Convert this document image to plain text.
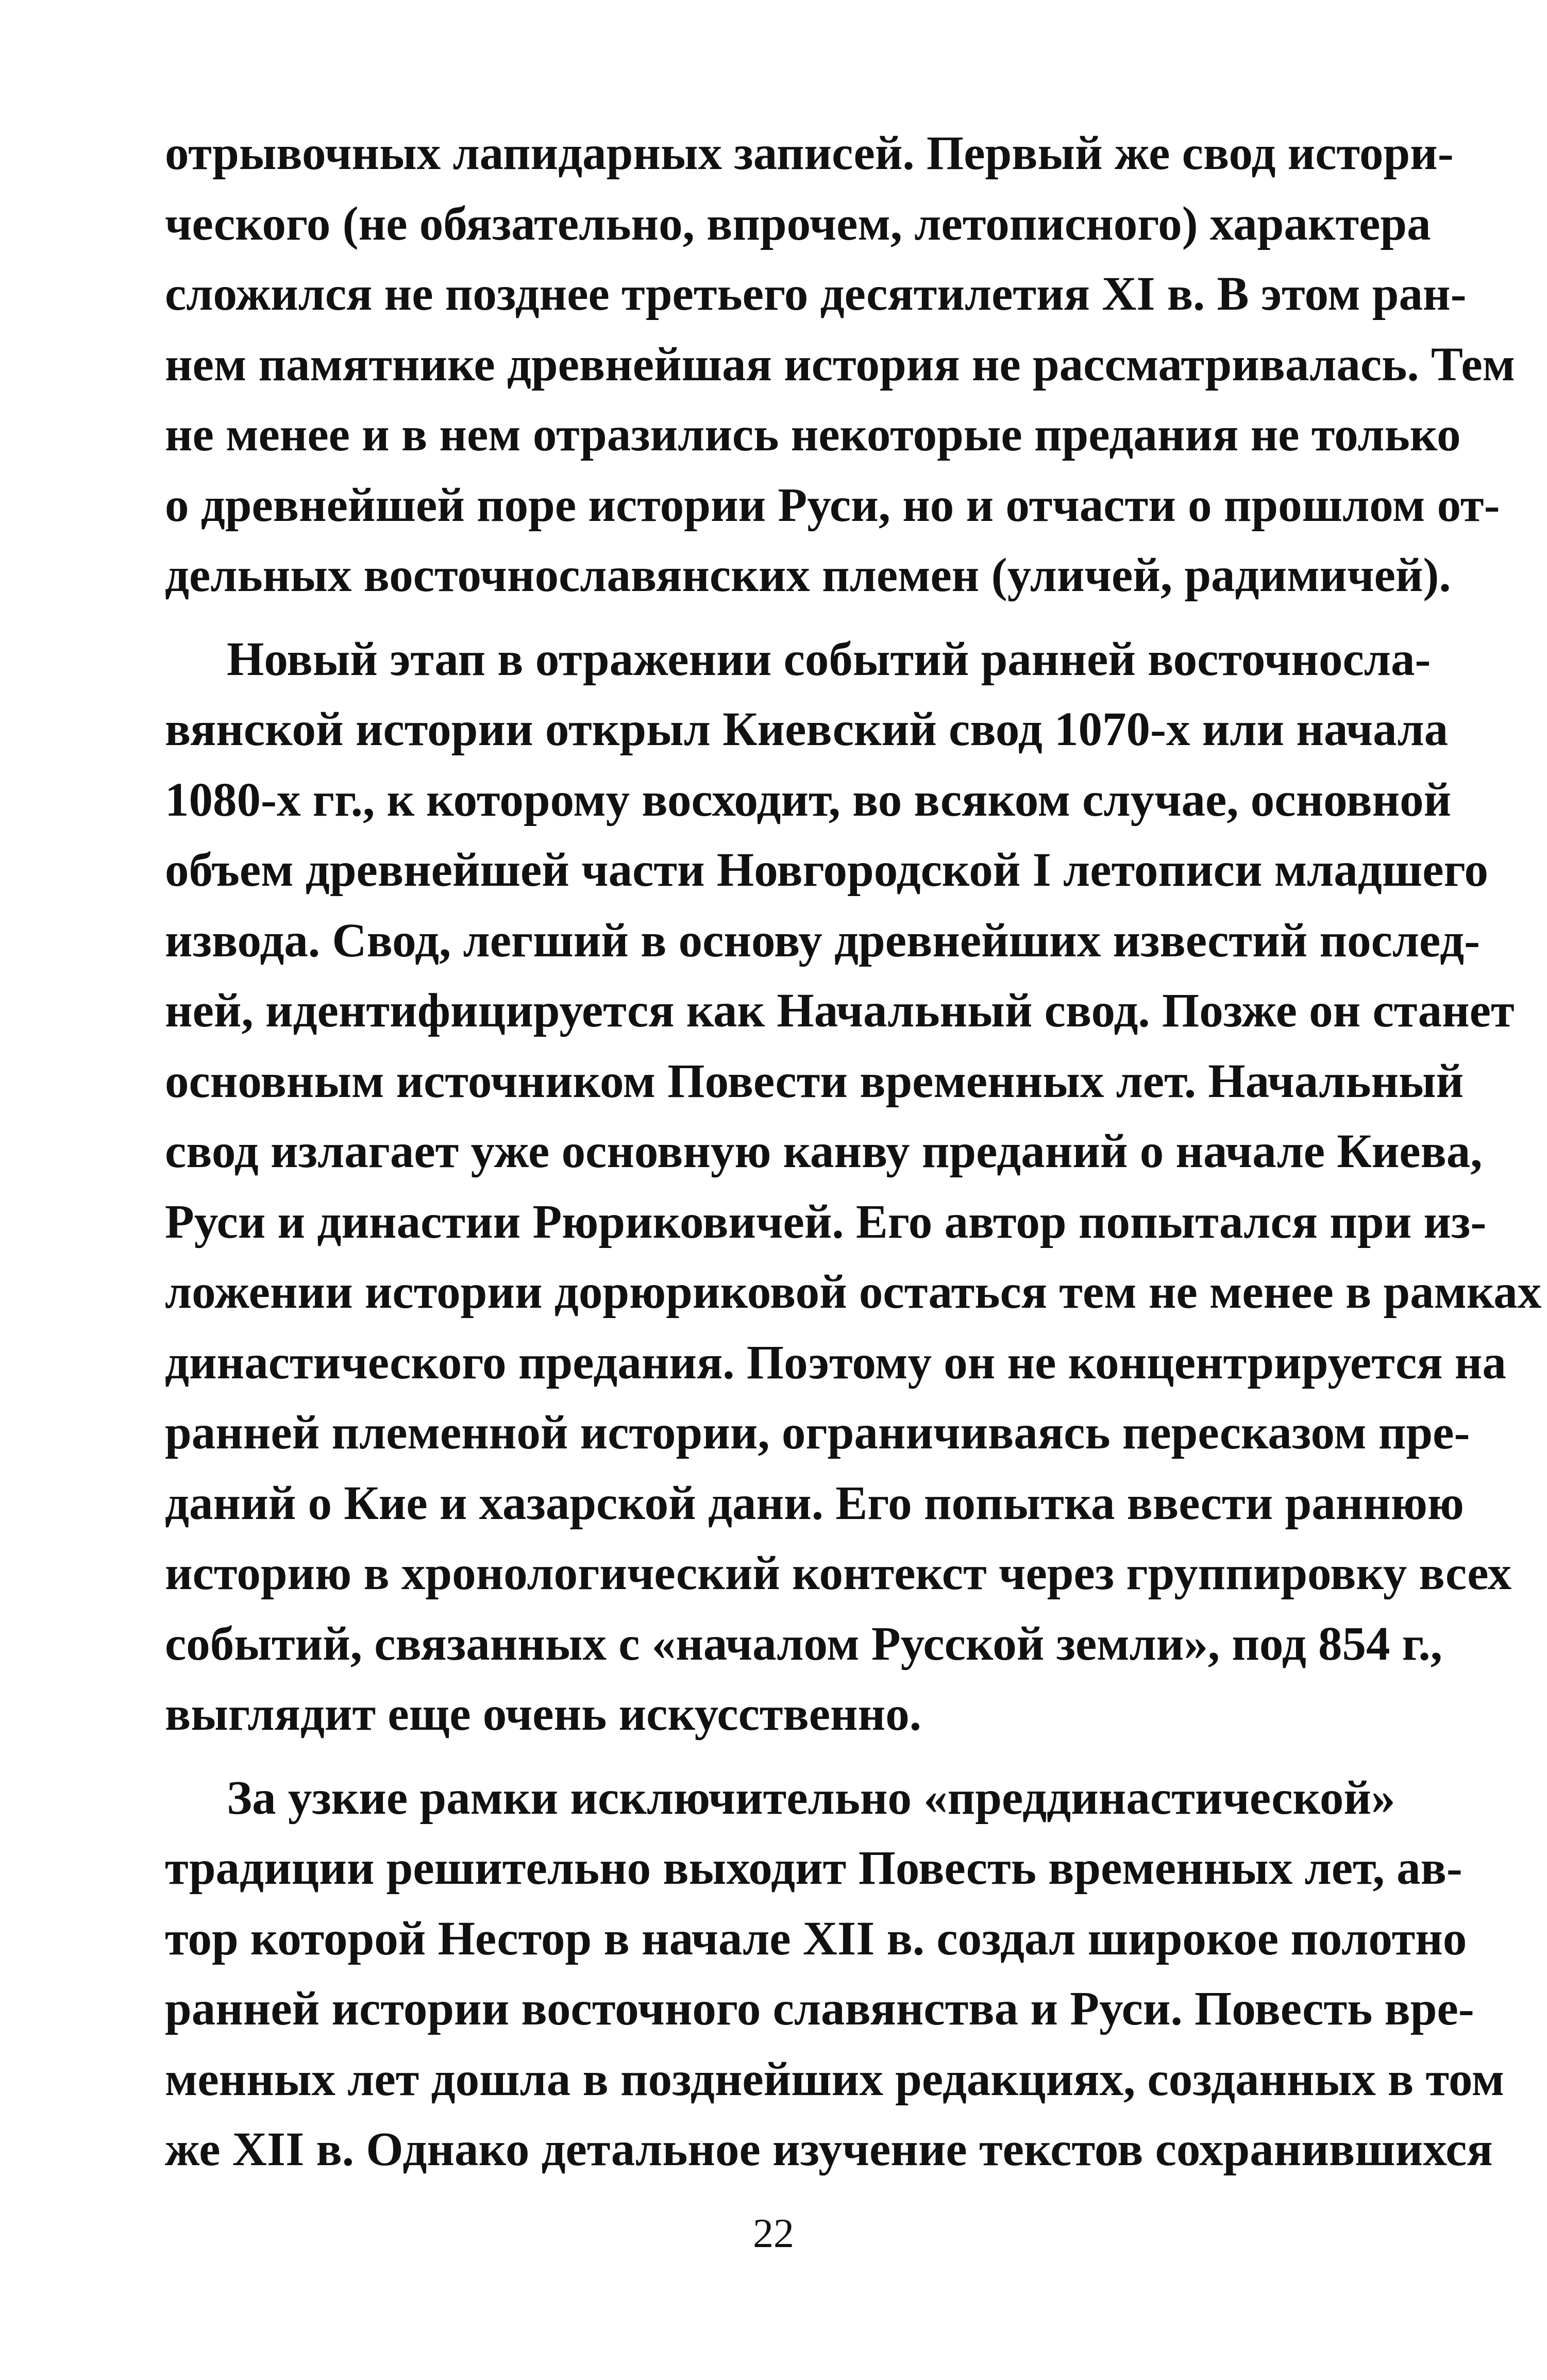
отрывочных лапидарных записей. Первый же свод истори-
ческого (не обязательно, впрочем, летописного) характера
сложился не позднее третьего десятилетия XI в. В этом ран-
нем памятнике древнейшая история не рассматривалась. Тем
не менее и в нем отразились некоторые предания не только
о древнейшей поре истории Руси, но и отчасти о прошлом от-
дельных восточнославянских племен (уличей, радимичей).
Новый этап в отражении событий ранней восточносла-
вянской истории открыл Киевский свод 1070-х или начала
1080-х гг., к которому восходит, во всяком случае, основной
объем древнейшей части Новгородской I летописи младшего
извода. Свод, легший в основу древнейших известий послед-
ней, идентифицируется как Начальный свод. Позже он станет
основным источником Повести временных лет. Начальный
свод излагает уже основную канву преданий о начале Киева,
Руси и династии Рюриковичей. Его автор попытался при из-
ложении истории дорюриковой остаться тем не менее в рамках
династического предания. Поэтому он не концентрируется на
ранней племенной истории, ограничиваясь пересказом пре-
даний о Кие и хазарской дани. Его попытка ввести раннюю
историю в хронологический контекст через группировку всех
событий, связанных с «началом Русской земли», под 854 г.,
выглядит еще очень искусственно.
За узкие рамки исключительно «преддинастической»
традиции решительно выходит Повесть временных лет, ав-
тор которой Нестор в начале XII в. создал широкое полотно
ранней истории восточного славянства и Руси. Повесть вре-
менных лет дошла в позднейших редакциях, созданных в том
же XII в. Однако детальное изучение текстов сохранившихся
22
